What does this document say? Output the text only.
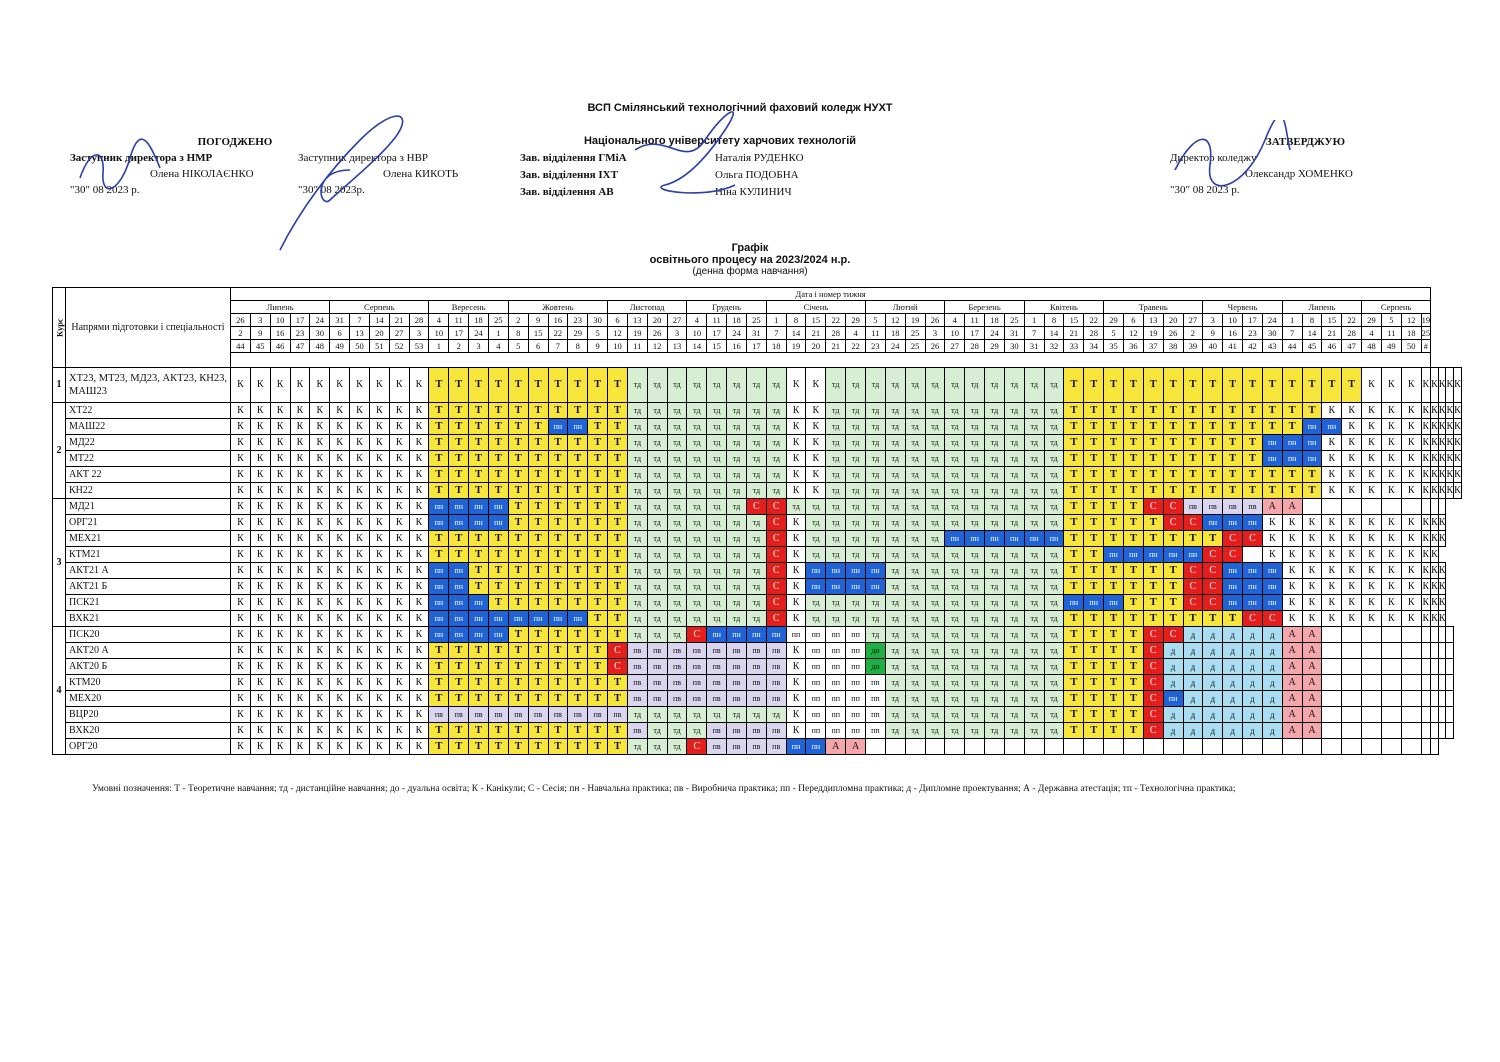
ВСП Смілянський технологічний фаховий коледж НУХТ
Національного університету харчових технологій
ПОГОДЖЕНО
Заступник директора з НМР
Олена НІКОЛАЄНКО
"30" 08 2023 р.
Заступник директора з НВР
Олена КИКОТЬ
"30" 08 2023р.
Зав. відділення ГМіА	Наталія РУДЕНКО
Зав. відділення ІХТ	Ольга ПОДОБНА
Зав. відділення АВ	Ніна КУЛИНИЧ
ЗАТВЕРДЖУЮ
Директор коледжу
Олександр ХОМЕНКО
"30" 08 2023 р.
Графік
освітнього процесу на 2023/2024 н.р.
(денна форма навчання)
Курс	Напрями підготовки і спеціальності	Дата і номер тижня
Липень	Серпень	Вересень	Жовтень	Листопад	Грудень	Січень	Лютий	Березень	Квітень	Травень	Червень	Липень	Серпень
26	3	10	17	24	31	7	14	21	28	4	11	18	25	2	9	16	23	30	6	13	20	27	4	11	18	25	1	8	15	22	29	5	12	19	26	4	11	18	25	1	8	15	22	29	6	13	20	27	3	10	17	24	1	8	15	22	29	5	12	19
2	9	16	23	30	6	13	20	27	3	10	17	24	1	8	15	22	29	5	12	19	26	3	10	17	24	31	7	14	21	28	4	11	18	25	3	10	17	24	31	7	14	21	28	5	12	19	26	2	9	16	23	30	7	14	21	28	4	11	18	25
44	45	46	47	48	49	50	51	52	53	1	2	3	4	5	6	7	8	9	10	11	12	13	14	15	16	17	18	19	20	21	22	23	24	25	26	27	28	29	30	31	32	33	34	35	36	37	38	39	40	41	42	43	44	45	46	47	48	49	50	#

1	ХТ23, МТ23, МД23, АКТ23, КН23, МАШ23	К	К	К	К	К	К	К	К	К	К	Т	Т	Т	Т	Т	Т	Т	Т	Т	Т	тд	тд	тд	тд	тд	тд	тд	тд	К	К	тд	тд	тд	тд	тд	тд	тд	тд	тд	тд	тд	тд	Т	Т	Т	Т	Т	Т	Т	Т	Т	Т	Т	Т	Т	Т	Т	К	К	К	К	К	К	К	К
2	ХТ22	К	К	К	К	К	К	К	К	К	К	Т	Т	Т	Т	Т	Т	Т	Т	Т	Т	тд	тд	тд	тд	тд	тд	тд	тд	К	К	тд	тд	тд	тд	тд	тд	тд	тд	тд	тд	тд	тд	Т	Т	Т	Т	Т	Т	Т	Т	Т	Т	Т	Т	Т	К	К	К	К	К	К	К	К	К	К
МАШ22	К	К	К	К	К	К	К	К	К	К	Т	Т	Т	Т	Т	Т	пн	пн	Т	Т	тд	тд	тд	тд	тд	тд	тд	тд	К	К	тд	тд	тд	тд	тд	тд	тд	тд	тд	тд	тд	тд	Т	Т	Т	Т	Т	Т	Т	Т	Т	Т	Т	Т	пн	пн	К	К	К	К	К	К	К	К	К
МД22	К	К	К	К	К	К	К	К	К	К	Т	Т	Т	Т	Т	Т	Т	Т	Т	Т	тд	тд	тд	тд	тд	тд	тд	тд	К	К	тд	тд	тд	тд	тд	тд	тд	тд	тд	тд	тд	тд	Т	Т	Т	Т	Т	Т	Т	Т	Т	Т	пн	пн	пн	К	К	К	К	К	К	К	К	К	К
МТ22	К	К	К	К	К	К	К	К	К	К	Т	Т	Т	Т	Т	Т	Т	Т	Т	Т	тд	тд	тд	тд	тд	тд	тд	тд	К	К	тд	тд	тд	тд	тд	тд	тд	тд	тд	тд	тд	тд	Т	Т	Т	Т	Т	Т	Т	Т	Т	Т	пн	пн	пн	К	К	К	К	К	К	К	К	К	К
АКТ 22	К	К	К	К	К	К	К	К	К	К	Т	Т	Т	Т	Т	Т	Т	Т	Т	Т	тд	тд	тд	тд	тд	тд	тд	тд	К	К	тд	тд	тд	тд	тд	тд	тд	тд	тд	тд	тд	тд	Т	Т	Т	Т	Т	Т	Т	Т	Т	Т	Т	Т	Т	К	К	К	К	К	К	К	К	К	К
КН22	К	К	К	К	К	К	К	К	К	К	Т	Т	Т	Т	Т	Т	Т	Т	Т	Т	тд	тд	тд	тд	тд	тд	тд	тд	К	К	тд	тд	тд	тд	тд	тд	тд	тд	тд	тд	тд	тд	Т	Т	Т	Т	Т	Т	Т	Т	Т	Т	Т	Т	Т	К	К	К	К	К	К	К	К	К	К
3	МД21	К	К	К	К	К	К	К	К	К	К	пн	пн	пн	пн	Т	Т	Т	Т	Т	Т	тд	тд	тд	тд	тд	тд	С	С	тд	тд	тд	тд	тд	тд	тд	тд	тд	тд	тд	тд	тд	тд	Т	Т	Т	Т	С	С	пв	пв	пв	пв	А	А									
ОРГ21	К	К	К	К	К	К	К	К	К	К	пн	пн	пн	пн	Т	Т	Т	Т	Т	Т	тд	тд	тд	тд	тд	тд	тд	С	К	тд	тд	тд	тд	тд	тд	тд	тд	тд	тд	тд	тд	тд	Т	Т	Т	Т	Т	С	С	пн	пн	пн	К	К	К	К	К	К	К	К	К	К	К
МЕХ21	К	К	К	К	К	К	К	К	К	К	Т	Т	Т	Т	Т	Т	Т	Т	Т	Т	тд	тд	тд	тд	тд	тд	тд	С	К	тд	тд	тд	тд	тд	тд	тд	пн	пн	пн	пн	пн	пн	Т	Т	Т	Т	Т	Т	Т	Т	С	С	К	К	К	К	К	К	К	К	К	К	К
КТМ21	К	К	К	К	К	К	К	К	К	К	Т	Т	Т	Т	Т	Т	Т	Т	Т	Т	тд	тд	тд	тд	тд	тд	тд	С	К	тд	тд	тд	тд	тд	тд	тд	тд	тд	тд	тд	тд	тд	Т	Т	пн	пн	пн	пн	пн	С	С		К	К	К	К	К	К	К	К	К	К
АКТ21 А	К	К	К	К	К	К	К	К	К	К	пн	пн	Т	Т	Т	Т	Т	Т	Т	Т	тд	тд	тд	тд	тд	тд	тд	С	К	пн	пн	пн	пн	тд	тд	тд	тд	тд	тд	тд	тд	тд	Т	Т	Т	Т	Т	Т	С	С	пн	пн	пн	К	К	К	К	К	К	К	К	К	К
АКТ21 Б	К	К	К	К	К	К	К	К	К	К	пн	пн	Т	Т	Т	Т	Т	Т	Т	Т	тд	тд	тд	тд	тд	тд	тд	С	К	пн	пн	пн	пн	тд	тд	тд	тд	тд	тд	тд	тд	тд	Т	Т	Т	Т	Т	Т	С	С	пн	пн	пн	К	К	К	К	К	К	К	К	К	К
ПСК21	К	К	К	К	К	К	К	К	К	К	пн	пн	пн	Т	Т	Т	Т	Т	Т	Т	тд	тд	тд	тд	тд	тд	тд	С	К	тд	тд	тд	тд	тд	тд	тд	тд	тд	тд	тд	тд	тд	пн	пн	пн	Т	Т	Т	С	С	пн	пн	пн	К	К	К	К	К	К	К	К	К	К
ВХК21	К	К	К	К	К	К	К	К	К	К	пн	пн	пн	пн	пн	пн	пн	пн	Т	Т	тд	тд	тд	тд	тд	тд	тд	С	К	тд	тд	тд	тд	тд	тд	тд	тд	тд	тд	тд	тд	тд	Т	Т	Т	Т	Т	Т	Т	Т	Т	С	С	К	К	К	К	К	К	К	К	К	К
4	ПСК20	К	К	К	К	К	К	К	К	К	К	пн	пн	пн	пн	Т	Т	Т	Т	Т	Т	тд	тд	тд	С	пн	пн	пн	пн	пп	пп	пп	пп	тд	тд	тд	тд	тд	тд	тд	тд	тд	тд	Т	Т	Т	Т	С	С	д	д	д	д	д	А	А									
АКТ20 А	К	К	К	К	К	К	К	К	К	К	Т	Т	Т	Т	Т	Т	Т	Т	Т	С	пв	пв	пв	пв	пв	пв	пв	пв	К	пп	пп	пп	до	тд	тд	тд	тд	тд	тд	тд	тд	тд	Т	Т	Т	Т	С	д	д	д	д	д	д	А	А									
АКТ20 Б	К	К	К	К	К	К	К	К	К	К	Т	Т	Т	Т	Т	Т	Т	Т	Т	С	пв	пв	пв	пв	пв	пв	пв	пв	К	пп	пп	пп	до	тд	тд	тд	тд	тд	тд	тд	тд	тд	Т	Т	Т	Т	С	д	д	д	д	д	д	А	А									
КТМ20	К	К	К	К	К	К	К	К	К	К	Т	Т	Т	Т	Т	Т	Т	Т	Т	Т	пв	пв	пв	пв	пв	пв	пв	пв	К	пп	пп	пп	пп	тд	тд	тд	тд	тд	тд	тд	тд	тд	Т	Т	Т	Т	С	д	д	д	д	д	д	А	А									
МЕХ20	К	К	К	К	К	К	К	К	К	К	Т	Т	Т	Т	Т	Т	Т	Т	Т	Т	пв	пв	пв	пв	пв	пв	пв	пв	К	пп	пп	пп	пп	тд	тд	тд	тд	тд	тд	тд	тд	тд	Т	Т	Т	Т	С	пн	д	д	д	д	д	А	А									
ВЦР20	К	К	К	К	К	К	К	К	К	К	пв	пв	пв	пв	пв	пв	пв	пв	пв	пв	тд	тд	тд	тд	тд	тд	тд	тд	К	пп	пп	пп	пп	тд	тд	тд	тд	тд	тд	тд	тд	тд	Т	Т	Т	Т	С	д	д	д	д	д	д	А	А									
ВХК20	К	К	К	К	К	К	К	К	К	К	Т	Т	Т	Т	Т	Т	Т	Т	Т	Т	пв	тд	тд	тд	пв	пв	пв	пв	К	пп	пп	пп	пп	тд	тд	тд	тд	тд	тд	тд	тд	тд	Т	Т	Т	Т	С	д	д	д	д	д	д	А	А									
ОРГ20	К	К	К	К	К	К	К	К	К	К	Т	Т	Т	Т	Т	Т	Т	Т	Т	Т	тд	тд	тд	С	пв	пв	пв	пв	пн	пн	А	А																														
Умовні позначення: Т - Теоретичне навчання; тд - дистанційне навчання; до - дуальна освіта; К - Канікули; С - Сесія; пн - Навчальна практика; пв - Виробнича практика; пп - Переддипломна практика; д - Дипломне проектування; А - Державна атестація; тп - Технологічна практика;
